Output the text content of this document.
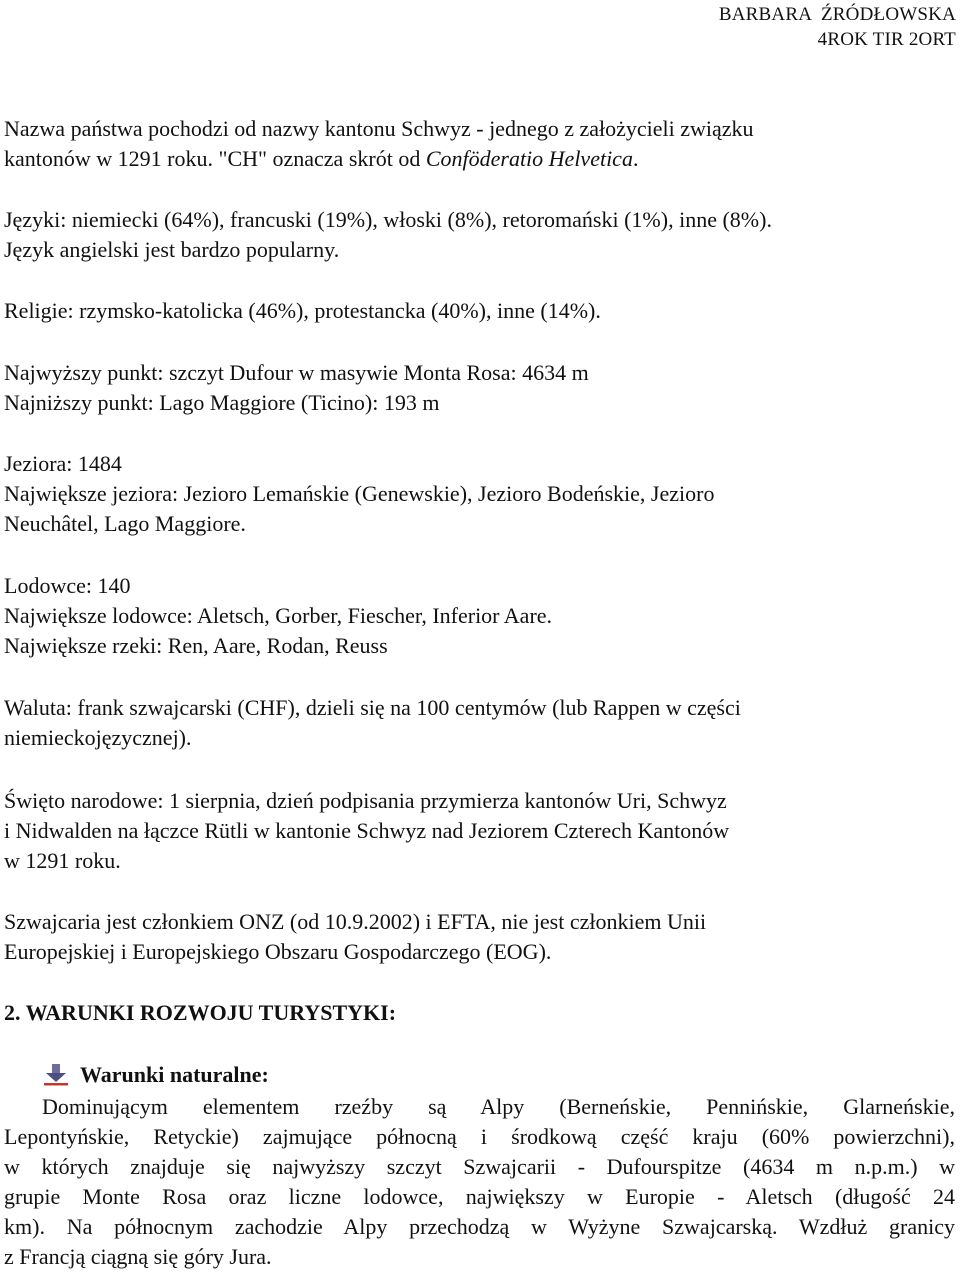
BARBARA  ŹRÓDŁOWSKA
4ROK TIR 2ORT
Nazwa państwa pochodzi od nazwy kantonu Schwyz - jednego z założycieli związku
kantonów w 1291 roku. "CH" oznacza skrót od Conföderatio Helvetica.
Języki: niemiecki (64%), francuski (19%), włoski (8%), retoromański (1%), inne (8%).
Język angielski jest bardzo popularny.
Religie: rzymsko-katolicka (46%), protestancka (40%), inne (14%).
Najwyższy punkt: szczyt Dufour w masywie Monta Rosa: 4634 m
Najniższy punkt: Lago Maggiore (Ticino): 193 m
Jeziora: 1484
Największe jeziora: Jezioro Lemańskie (Genewskie), Jezioro Bodeńskie, Jezioro
Neuchâtel, Lago Maggiore.
Lodowce: 140
Największe lodowce: Aletsch, Gorber, Fiescher, Inferior Aare.
Największe rzeki: Ren, Aare, Rodan, Reuss
Waluta: frank szwajcarski (CHF), dzieli się na 100 centymów (lub Rappen w części
niemieckojęzycznej).
Święto narodowe: 1 sierpnia, dzień podpisania przymierza kantonów Uri, Schwyz
i Nidwalden na łączce Rütli w kantonie Schwyz nad Jeziorem Czterech Kantonów
w 1291 roku.
Szwajcaria jest członkiem ONZ (od 10.9.2002) i EFTA, nie jest członkiem Unii
Europejskiej i Europejskiego Obszaru Gospodarczego (EOG).
2. WARUNKI ROZWOJU TURYSTYKI:
Warunki naturalne:
Dominującym elementem rzeźby są Alpy (Berneńskie, Pennińskie, Glarneńskie,
Lepontyńskie, Retyckie) zajmujące północną i środkową część kraju (60% powierzchni),
w których znajduje się najwyższy szczyt Szwajcarii - Dufourspitze (4634 m n.p.m.) w
grupie Monte Rosa oraz liczne lodowce, największy w Europie - Aletsch (długość 24
km). Na północnym zachodzie Alpy przechodzą w Wyżyne Szwajcarską. Wzdłuż granicy
z Francją ciągną się góry Jura.
